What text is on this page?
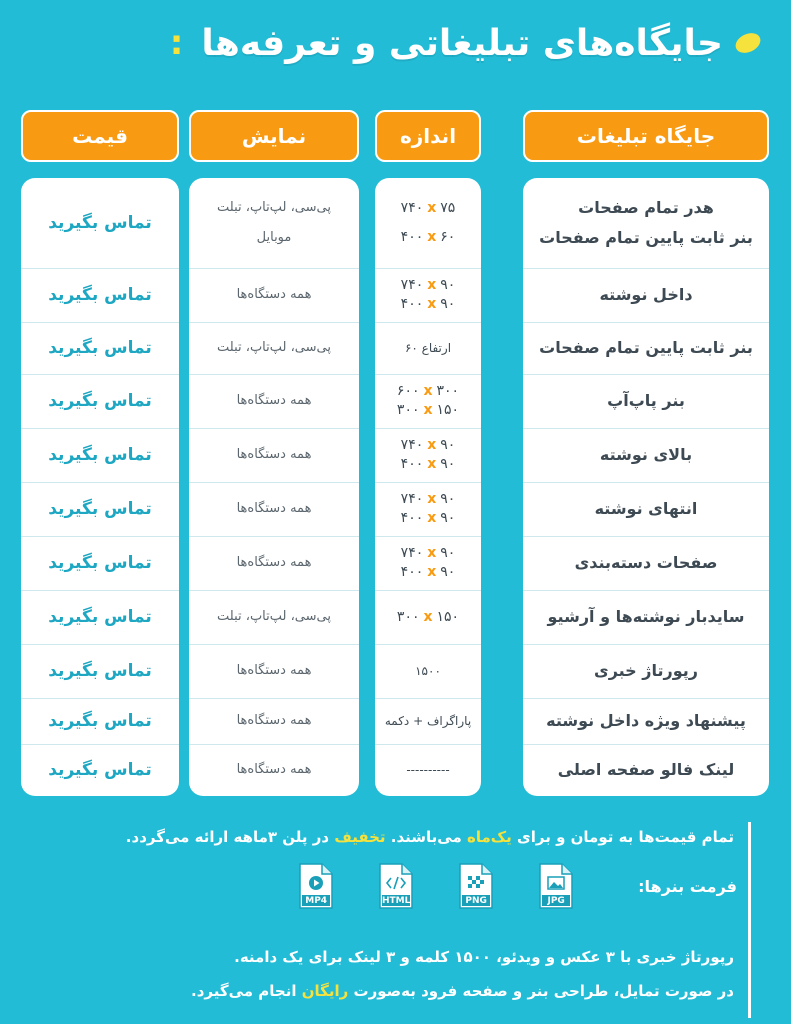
جایگاه‌های تبلیغاتی و تعرفه‌ها
:
جایگاه تبلیغات
اندازه
نمایش
قیمت
هدر تمام صفحات
بنر ثابت پایین تمام صفحات
داخل نوشته
بنر ثابت پایین تمام صفحات
بنر پاپ‌آپ
بالای نوشته
انتهای نوشته
صفحات دسته‌بندی
سایدبار نوشته‌ها و آرشیو
رپورتاژ خبری
پیشنهاد ویژه داخل نوشته
لینک فالو صفحه اصلی
۷۴۰ x ۷۵
۴۰۰ x ۶۰
۷۴۰ x ۹۰
۴۰۰ x ۹۰
ارتفاع ۶۰
۶۰۰ x ۳۰۰
۳۰۰ x ۱۵۰
۷۴۰ x ۹۰
۴۰۰ x ۹۰
۷۴۰ x ۹۰
۴۰۰ x ۹۰
۷۴۰ x ۹۰
۴۰۰ x ۹۰
۳۰۰ x ۱۵۰
۱۵۰۰
پاراگراف + دکمه
----------
پی‌سی، لپ‌تاپ، تبلت
موبایل
همه دستگاه‌ها
پی‌سی، لپ‌تاپ، تبلت
همه دستگاه‌ها
همه دستگاه‌ها
همه دستگاه‌ها
همه دستگاه‌ها
پی‌سی، لپ‌تاپ، تبلت
همه دستگاه‌ها
همه دستگاه‌ها
همه دستگاه‌ها
تماس بگیرید
تماس بگیرید
تماس بگیرید
تماس بگیرید
تماس بگیرید
تماس بگیرید
تماس بگیرید
تماس بگیرید
تماس بگیرید
تماس بگیرید
تماس بگیرید
تمام قیمت‌ها به تومان و برای یک‌ماه می‌باشند. تخفیف در پلن ۳ماهه ارائه می‌گردد.
رپورتاژ خبری با ۳ عکس و ویدئو، ۱۵۰۰ کلمه و ۳ لینک برای یک دامنه.
در صورت تمایل، طراحی بنر و صفحه فرود به‌صورت رایگان انجام می‌گیرد.
فرمت بنرها:
JPG
PNG
HTML
MP4
